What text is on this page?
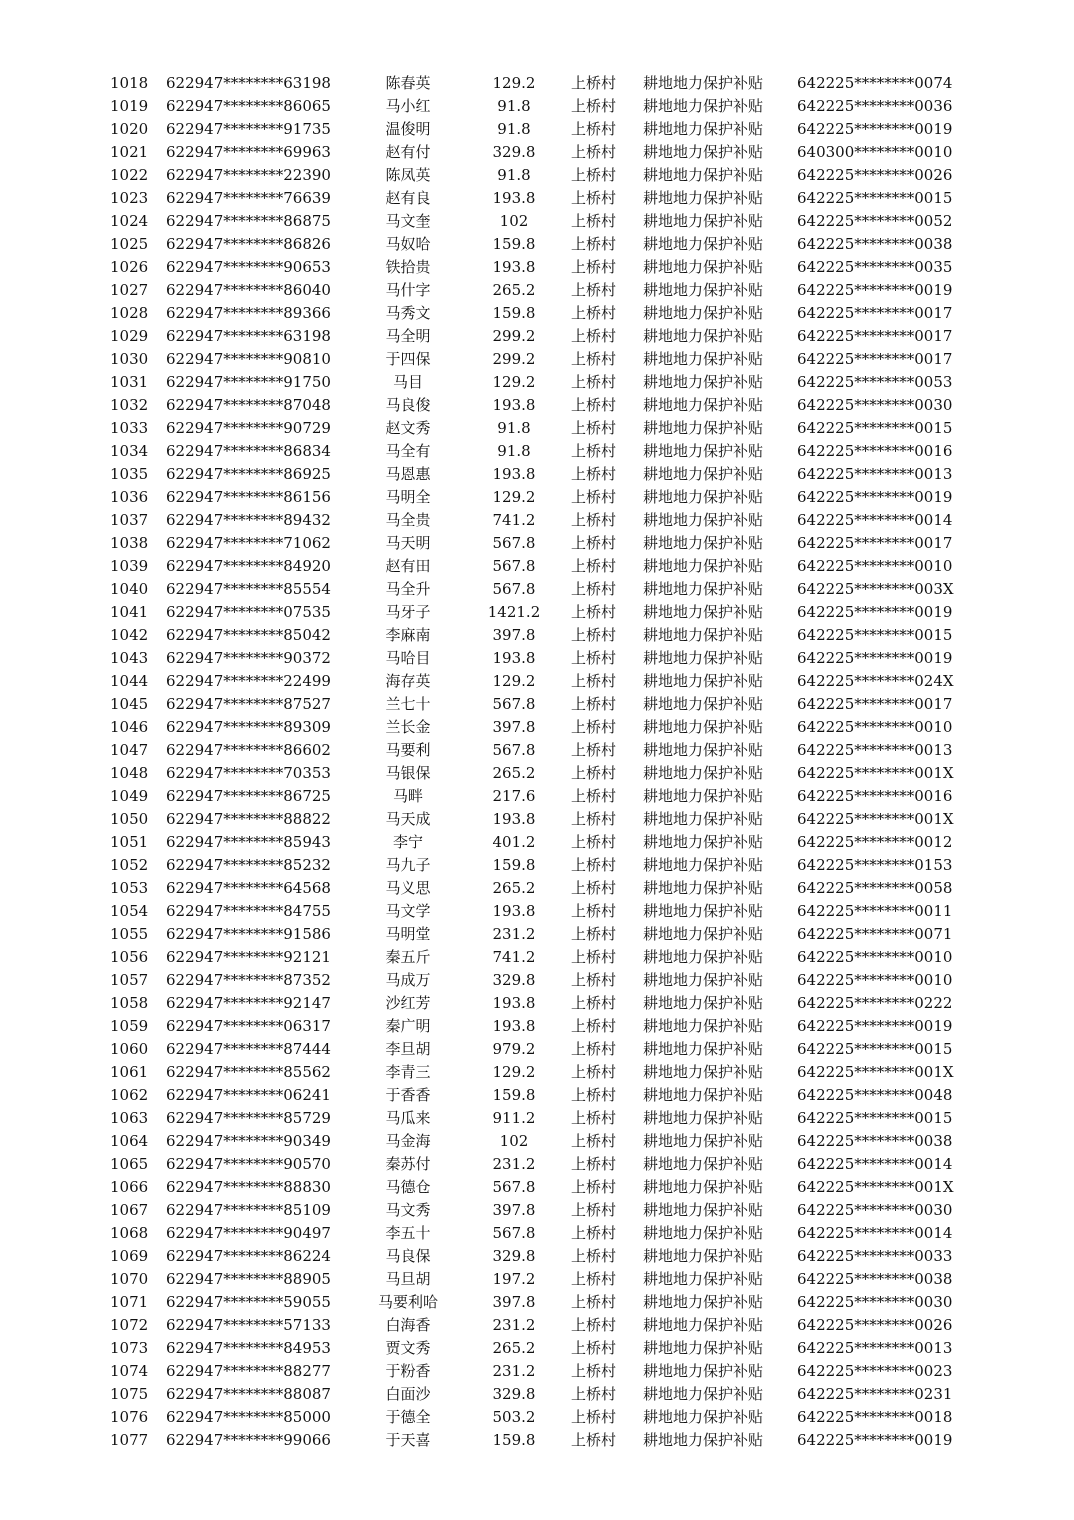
1018 622947********63198	陈春英	129.2	上桥村	耕地地力保护补贴	642225********0074
1019 622947********86065	马小红	91.8	上桥村	耕地地力保护补贴	642225********0036
1020 622947********91735	温俊明	91.8	上桥村	耕地地力保护补贴	642225********0019
1021 622947********69963	赵有付	329.8	上桥村	耕地地力保护补贴	640300********0010
1022 622947********22390	陈凤英	91.8	上桥村	耕地地力保护补贴	642225********0026
1023 622947********76639	赵有良	193.8	上桥村	耕地地力保护补贴	642225********0015
1024 622947********86875	马文奎	102	上桥村	耕地地力保护补贴	642225********0052
1025 622947********86826	马奴哈	159.8	上桥村	耕地地力保护补贴	642225********0038
1026 622947********90653	铁拾贵	193.8	上桥村	耕地地力保护补贴	642225********0035
1027 622947********86040	马什字	265.2	上桥村	耕地地力保护补贴	642225********0019
1028 622947********89366	马秀文	159.8	上桥村	耕地地力保护补贴	642225********0017
1029 622947********63198	马全明	299.2	上桥村	耕地地力保护补贴	642225********0017
1030 622947********90810	于四保	299.2	上桥村	耕地地力保护补贴	642225********0017
1031 622947********91750	马目	129.2	上桥村	耕地地力保护补贴	642225********0053
1032 622947********87048	马良俊	193.8	上桥村	耕地地力保护补贴	642225********0030
1033 622947********90729	赵文秀	91.8	上桥村	耕地地力保护补贴	642225********0015
1034 622947********86834	马全有	91.8	上桥村	耕地地力保护补贴	642225********0016
1035 622947********86925	马恩惠	193.8	上桥村	耕地地力保护补贴	642225********0013
1036 622947********86156	马明全	129.2	上桥村	耕地地力保护补贴	642225********0019
1037 622947********89432	马全贵	741.2	上桥村	耕地地力保护补贴	642225********0014
1038 622947********71062	马天明	567.8	上桥村	耕地地力保护补贴	642225********0017
1039 622947********84920	赵有田	567.8	上桥村	耕地地力保护补贴	642225********0010
1040 622947********85554	马全升	567.8	上桥村	耕地地力保护补贴	642225********003X
1041 622947********07535	马牙子	1421.2	上桥村	耕地地力保护补贴	642225********0019
1042 622947********85042	李麻南	397.8	上桥村	耕地地力保护补贴	642225********0015
1043 622947********90372	马哈目	193.8	上桥村	耕地地力保护补贴	642225********0019
1044 622947********22499	海存英	129.2	上桥村	耕地地力保护补贴	642225********024X
1045 622947********87527	兰七十	567.8	上桥村	耕地地力保护补贴	642225********0017
1046 622947********89309	兰长金	397.8	上桥村	耕地地力保护补贴	642225********0010
1047 622947********86602	马要利	567.8	上桥村	耕地地力保护补贴	642225********0013
1048 622947********70353	马银保	265.2	上桥村	耕地地力保护补贴	642225********001X
1049 622947********86725	马畔	217.6	上桥村	耕地地力保护补贴	642225********0016
1050 622947********88822	马天成	193.8	上桥村	耕地地力保护补贴	642225********001X
1051 622947********85943	李宁	401.2	上桥村	耕地地力保护补贴	642225********0012
1052 622947********85232	马九子	159.8	上桥村	耕地地力保护补贴	642225********0153
1053 622947********64568	马义思	265.2	上桥村	耕地地力保护补贴	642225********0058
1054 622947********84755	马文学	193.8	上桥村	耕地地力保护补贴	642225********0011
1055 622947********91586	马明堂	231.2	上桥村	耕地地力保护补贴	642225********0071
1056 622947********92121	秦五斤	741.2	上桥村	耕地地力保护补贴	642225********0010
1057 622947********87352	马成万	329.8	上桥村	耕地地力保护补贴	642225********0010
1058 622947********92147	沙红芳	193.8	上桥村	耕地地力保护补贴	642225********0222
1059 622947********06317	秦广明	193.8	上桥村	耕地地力保护补贴	642225********0019
1060 622947********87444	李旦胡	979.2	上桥村	耕地地力保护补贴	642225********0015
1061 622947********85562	李青三	129.2	上桥村	耕地地力保护补贴	642225********001X
1062 622947********06241	于香香	159.8	上桥村	耕地地力保护补贴	642225********0048
1063 622947********85729	马瓜来	911.2	上桥村	耕地地力保护补贴	642225********0015
1064 622947********90349	马金海	102	上桥村	耕地地力保护补贴	642225********0038
1065 622947********90570	秦苏付	231.2	上桥村	耕地地力保护补贴	642225********0014
1066 622947********88830	马德仓	567.8	上桥村	耕地地力保护补贴	642225********001X
1067 622947********85109	马文秀	397.8	上桥村	耕地地力保护补贴	642225********0030
1068 622947********90497	李五十	567.8	上桥村	耕地地力保护补贴	642225********0014
1069 622947********86224	马良保	329.8	上桥村	耕地地力保护补贴	642225********0033
1070 622947********88905	马旦胡	197.2	上桥村	耕地地力保护补贴	642225********0038
1071 622947********59055	马要利哈	397.8	上桥村	耕地地力保护补贴	642225********0030
1072 622947********57133	白海香	231.2	上桥村	耕地地力保护补贴	642225********0026
1073 622947********84953	贾文秀	265.2	上桥村	耕地地力保护补贴	642225********0013
1074 622947********88277	于粉香	231.2	上桥村	耕地地力保护补贴	642225********0023
1075 622947********88087	白面沙	329.8	上桥村	耕地地力保护补贴	642225********0231
1076 622947********85000	于德全	503.2	上桥村	耕地地力保护补贴	642225********0018
1077 622947********99066	于天喜	159.8	上桥村	耕地地力保护补贴	642225********0019
